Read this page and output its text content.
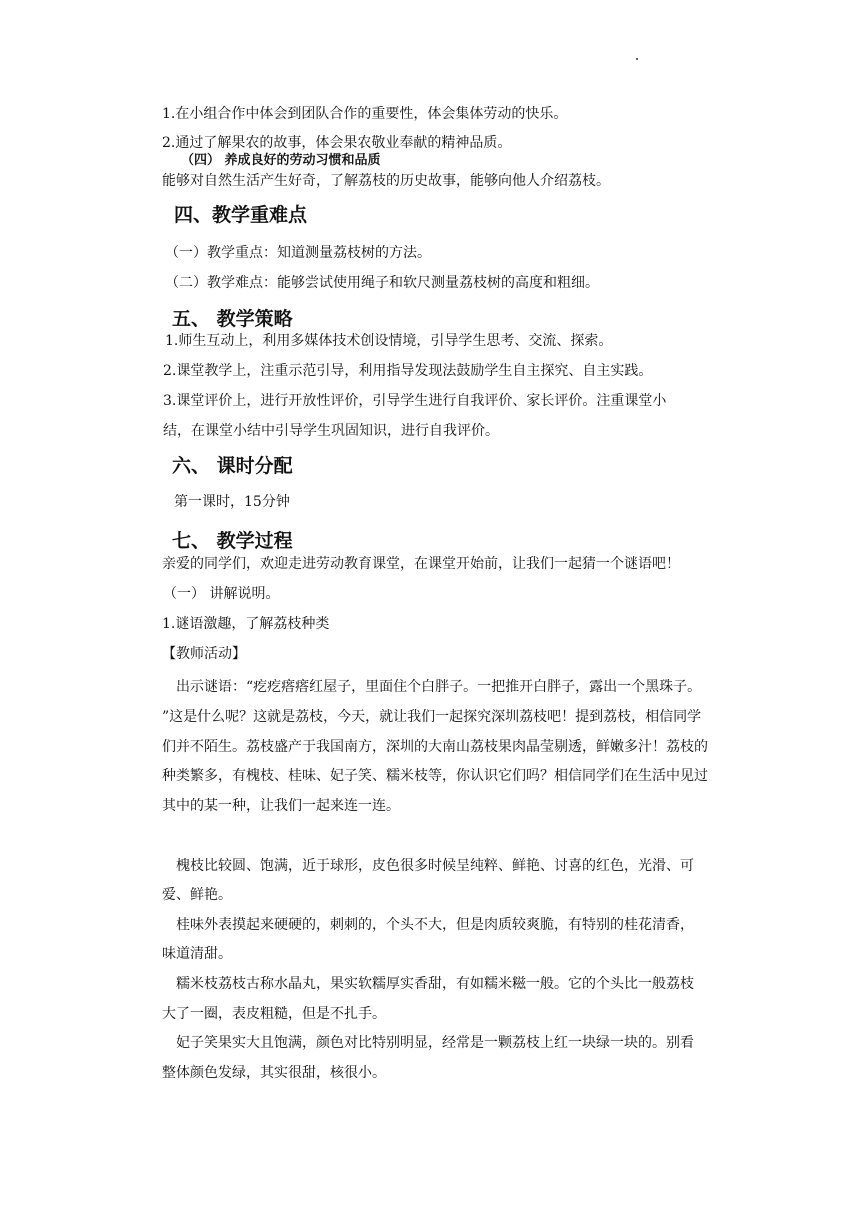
1.在小组合作中体会到团队合作的重要性，体会集体劳动的快乐。
2.通过了解果农的故事，体会果农敬业奉献的精神品质。
（四） 养成良好的劳动习惯和品质
能够对自然生活产生好奇，了解荔枝的历史故事，能够向他人介绍荔枝。
四、教学重难点
（一）教学重点：知道测量荔枝树的方法。
（二）教学难点：能够尝试使用绳子和软尺测量荔枝树的高度和粗细。
五、 教学策略
1.师生互动上，利用多媒体技术创设情境，引导学生思考、交流、探索。
2.课堂教学上，注重示范引导，利用指导发现法鼓励学生自主探究、自主实践。
3.课堂评价上，进行开放性评价，引导学生进行自我评价、家长评价。注重课堂小
结，在课堂小结中引导学生巩固知识，进行自我评价。
六、 课时分配
第一课时，15分钟
七、 教学过程
亲爱的同学们，欢迎走进劳动教育课堂，在课堂开始前，让我们一起猜一个谜语吧！
（一） 讲解说明。
1.谜语激趣，了解荔枝种类
【教师活动】
出示谜语：“疙疙瘩瘩红屋子，里面住个白胖子。一把推开白胖子，露出一个黑珠子。
”这是什么呢？这就是荔枝，今天，就让我们一起探究深圳荔枝吧！提到荔枝，相信同学
们并不陌生。荔枝盛产于我国南方，深圳的大南山荔枝果肉晶莹剔透，鲜嫩多汁！荔枝的
种类繁多，有槐枝、桂味、妃子笑、糯米枝等，你认识它们吗？相信同学们在生活中见过
其中的某一种，让我们一起来连一连。
槐枝比较圆、饱满，近于球形，皮色很多时候呈纯粹、鲜艳、讨喜的红色，光滑、可
爱、鲜艳。
桂味外表摸起来硬硬的，刺刺的，个头不大，但是肉质较爽脆，有特别的桂花清香，
味道清甜。
糯米枝荔枝古称水晶丸，果实软糯厚实香甜，有如糯米糍一般。它的个头比一般荔枝
大了一圈，表皮粗糙，但是不扎手。
妃子笑果实大且饱满，颜色对比特别明显，经常是一颗荔枝上红一块绿一块的。别看
整体颜色发绿，其实很甜，核很小。
